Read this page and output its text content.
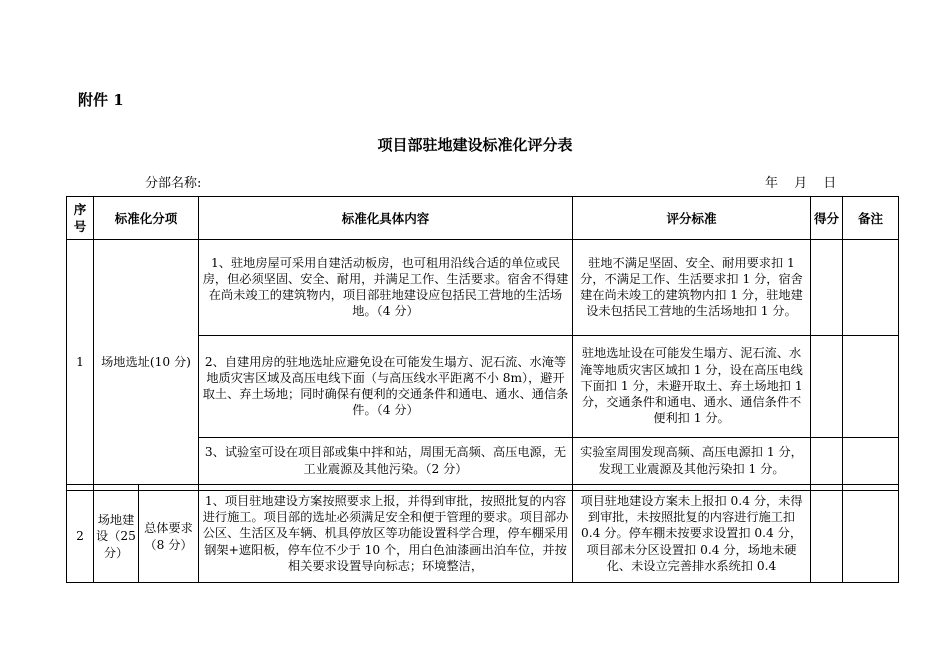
附件 1
项目部驻地建设标准化评分表
分部名称:	年 月 日
序号	标准化分项		标准化具体内容	评分标准	得分	备注
1	场地选址(10 分)		1、驻地房屋可采用自建活动板房，也可租用沿线合适的单位或民房，但必须坚固、安全、耐用，并满足工作、生活要求。宿舍不得建在尚未竣工的建筑物内，项目部驻地建设应包括民工营地的生活场地。（4 分）	驻地不满足坚固、安全、耐用要求扣 1 分，不满足工作、生活要求扣 1 分，宿舍建在尚未竣工的建筑物内扣 1 分，驻地建设未包括民工营地的生活场地扣 1 分。		
			2、自建用房的驻地选址应避免设在可能发生塌方、泥石流、水淹等地质灾害区域及高压电线下面（与高压线水平距离不小 8m），避开取土、弃土场地；同时确保有便利的交通条件和通电、通水、通信条件。（4 分）	驻地选址设在可能发生塌方、泥石流、水淹等地质灾害区域扣 1 分，设在高压电线下面扣 1 分，未避开取土、弃土场地扣 1 分，交通条件和通电、通水、通信条件不便利扣 1 分。		
			3、试验室可设在项目部或集中拌和站，周围无高频、高压电源，无工业震源及其他污染。（2 分）	实验室周围发现高频、高压电源扣 1 分，发现工业震源及其他污染扣 1 分。		

2	场地建设（25 分）	总体要求（8 分）	1、项目驻地建设方案按照要求上报，并得到审批，按照批复的内容进行施工。项目部的选址必须满足安全和便于管理的要求。项目部办公区、生活区及车辆、机具停放区等功能设置科学合理，停车棚采用钢架+遮阳板，停车位不少于 10 个，用白色油漆画出泊车位，并按相关要求设置导向标志；环境整洁，	项目驻地建设方案未上报扣 0.4 分，未得到审批，未按照批复的内容进行施工扣 0.4 分。停车棚未按要求设置扣 0.4 分，项目部未分区设置扣 0.4 分，场地未硬化、未设立完善排水系统扣 0.4		
